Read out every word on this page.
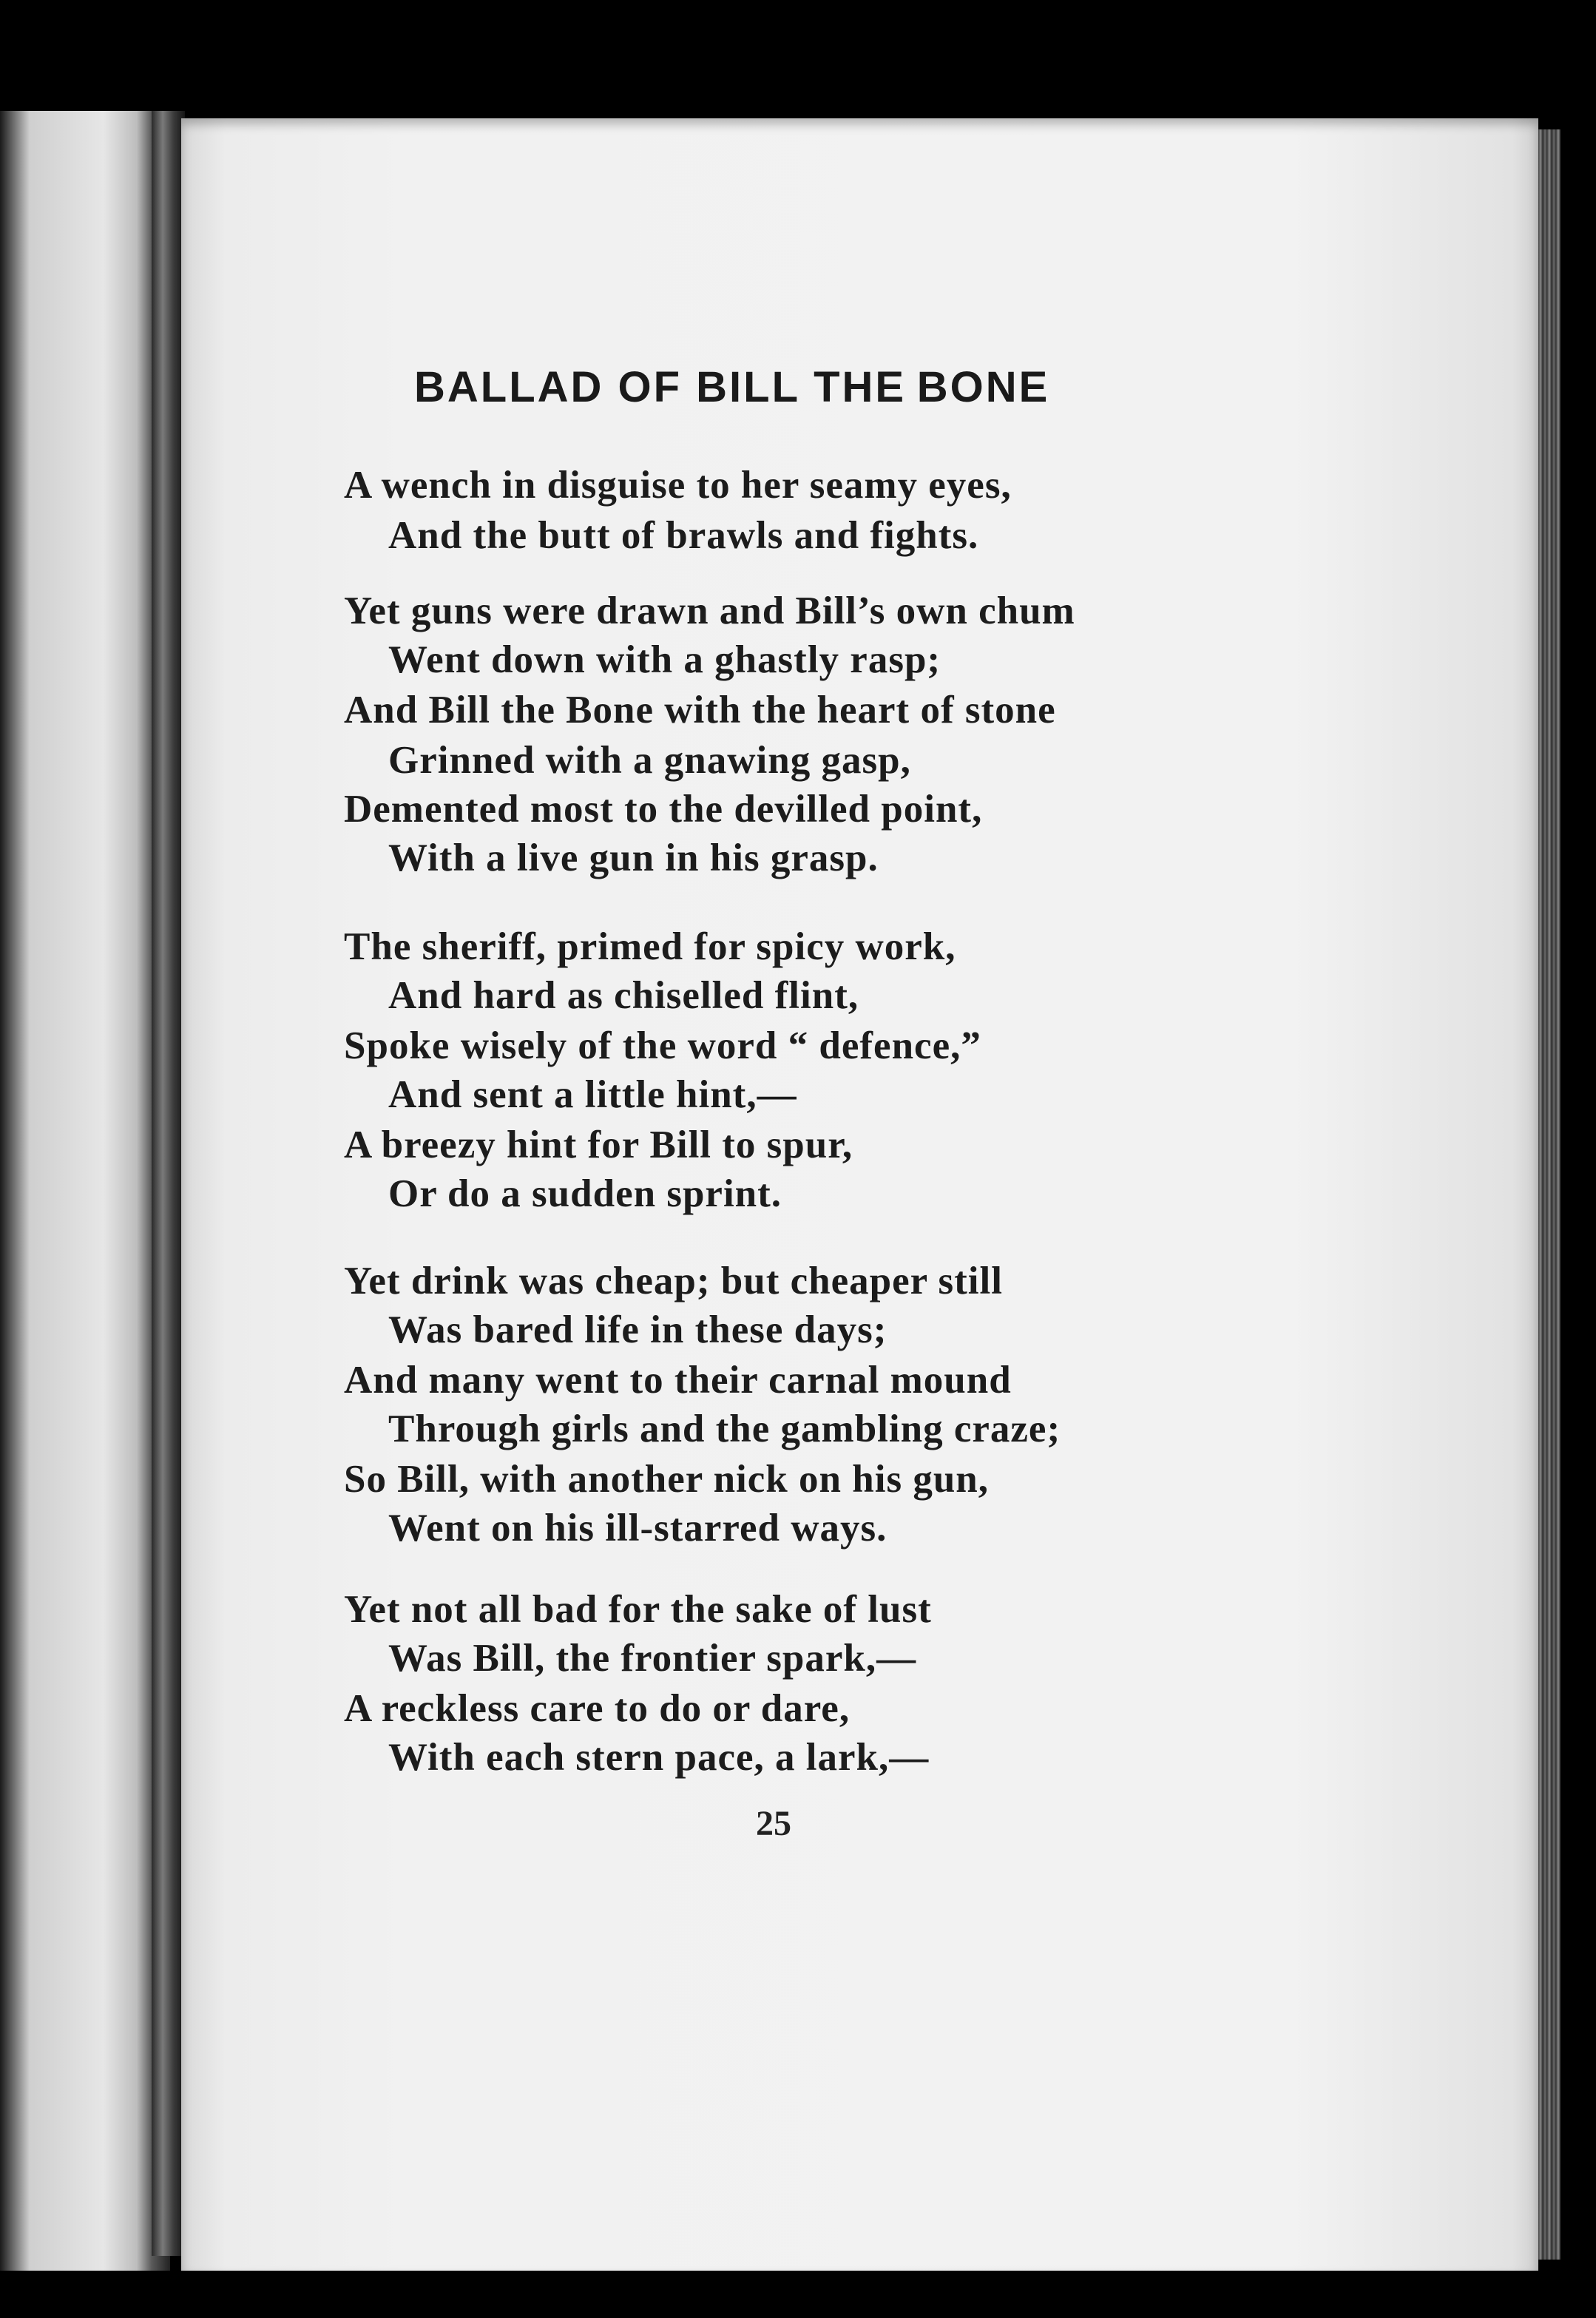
BALLAD OF BILL THE BONE
A wench in disguise to her seamy eyes,
And the butt of brawls and fights.
Yet guns were drawn and Bill’s own chum
Went down with a ghastly rasp;
And Bill the Bone with the heart of stone
Grinned with a gnawing gasp,
Demented most to the devilled point,
With a live gun in his grasp.
The sheriff, primed for spicy work,
And hard as chiselled flint,
Spoke wisely of the word “ defence,”
And sent a little hint,—
A breezy hint for Bill to spur,
Or do a sudden sprint.
Yet drink was cheap; but cheaper still
Was bared life in these days;
And many went to their carnal mound
Through girls and the gambling craze;
So Bill, with another nick on his gun,
Went on his ill-starred ways.
Yet not all bad for the sake of lust
Was Bill, the frontier spark,—
A reckless care to do or dare,
With each stern pace, a lark,—
25
